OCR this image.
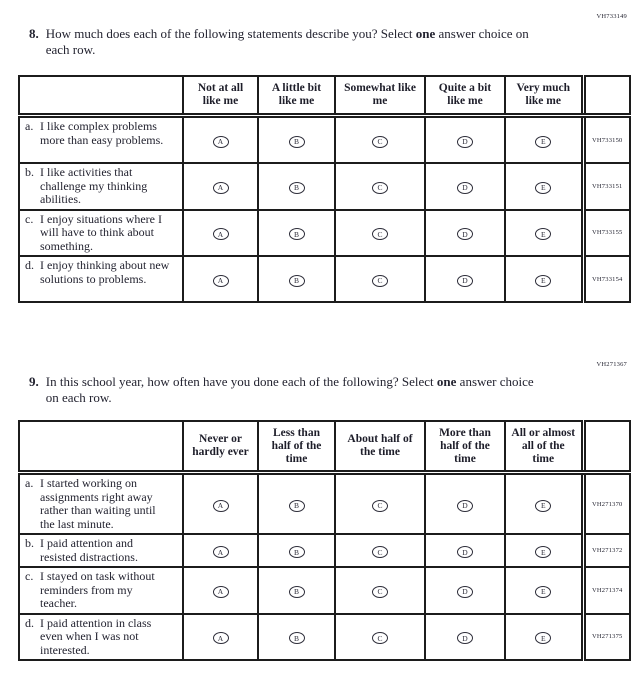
VH733149
8. How much does each of the following statements describe you? Select one answer choice on each row.
	Not at all like me	A little bit like me	Somewhat like me	Quite a bit like me	Very much like me	

a. I like complex problems more than easy problems.	A	B	C	D	E	VH733150

b. I like activities that challenge my thinking abilities.	A	B	C	D	E	VH733151

c. I enjoy situations where I will have to think about something.	A	B	C	D	E	VH733155

d. I enjoy thinking about new solutions to problems.	A	B	C	D	E	VH733154
VH271367
9. In this school year, how often have you done each of the following? Select one answer choice on each row.
	Never or hardly ever	Less than half of the time	About half of the time	More than half of the time	All or almost all of the time	

a. I started working on assignments right away rather than waiting until the last minute.	A	B	C	D	E	VH271370

b. I paid attention and resisted distractions.	A	B	C	D	E	VH271372

c. I stayed on task without reminders from my teacher.	A	B	C	D	E	VH271374

d. I paid attention in class even when I was not interested.	A	B	C	D	E	VH271375
